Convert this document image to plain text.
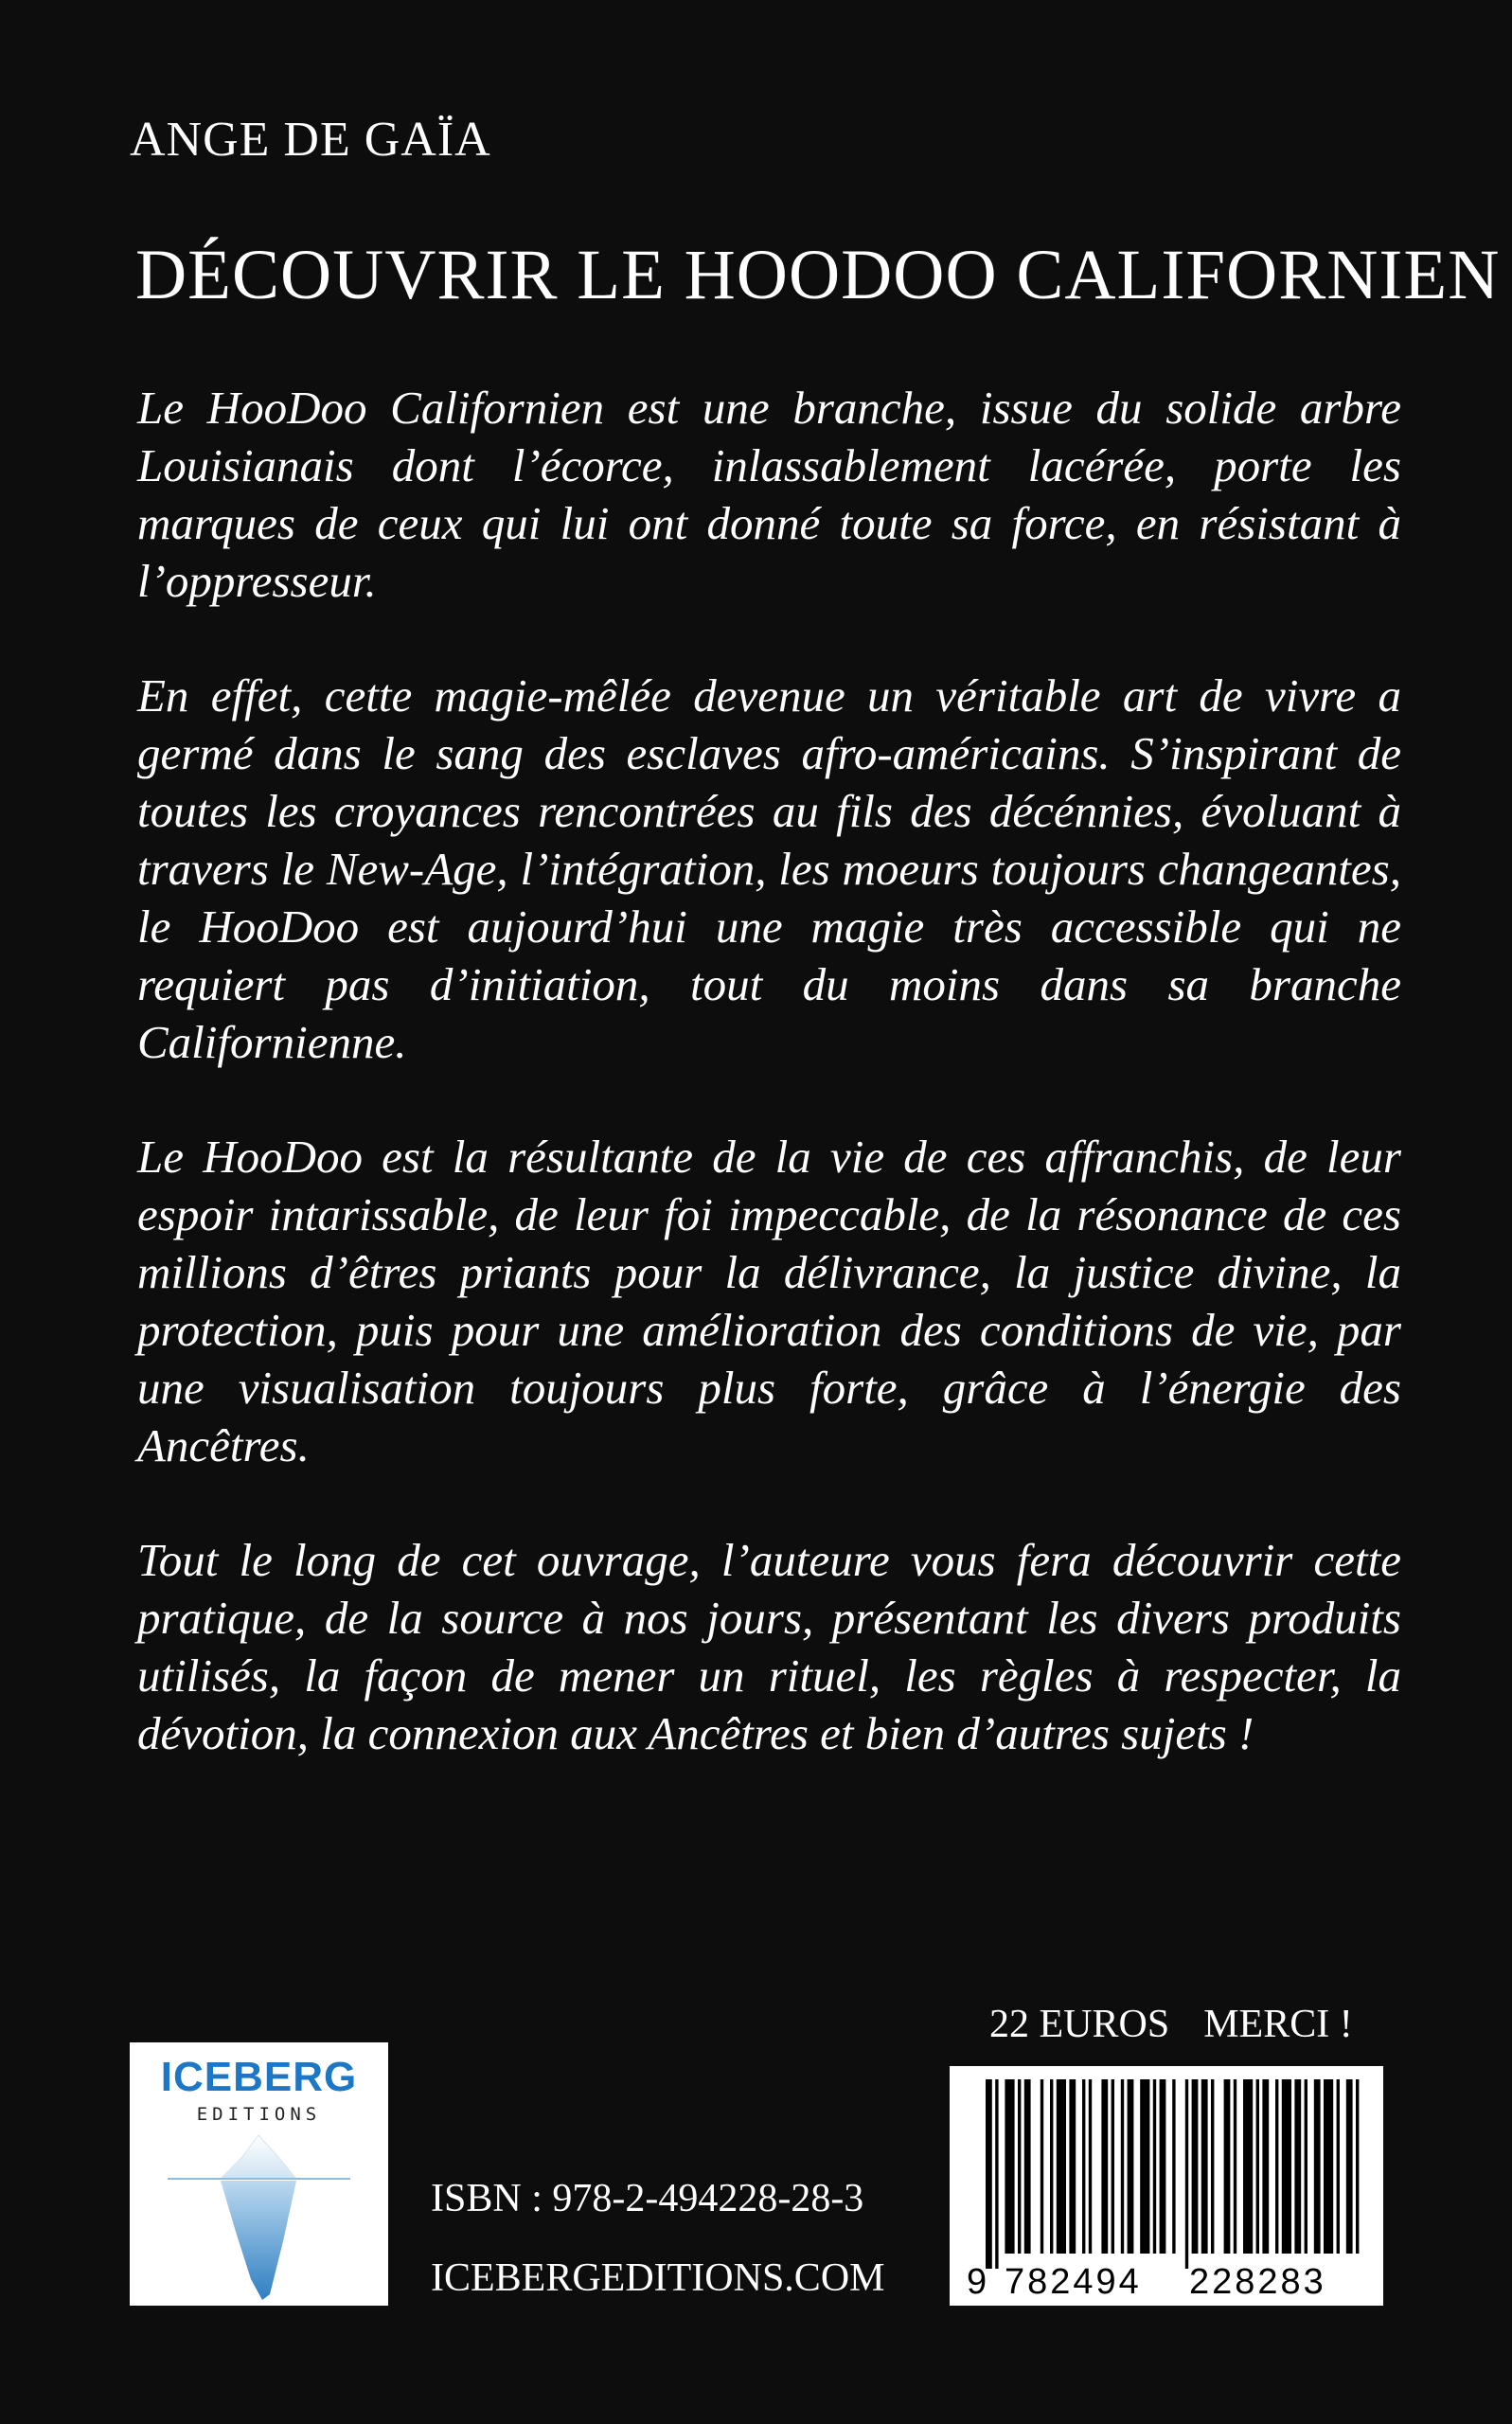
ANGE DE GAÏA
DÉCOUVRIR LE HOODOO CALIFORNIEN

Le HooDoo Californien est une branche, issue du solide arbre Louisianais dont l’écorce, inlassablement lacérée, porte les marques de ceux qui lui ont donné toute sa force, en résistant à l’oppresseur.

En effet, cette magie-mêlée devenue un véritable art de vivre a germé dans le sang des esclaves afro-américains. S’inspirant de toutes les croyances rencontrées au fils des décénnies, évoluant à travers le New-Age, l’intégration, les moeurs toujours changeantes, le HooDoo est aujourd’hui une magie très accessible qui ne requiert pas d’initiation, tout du moins dans sa branche Californienne.

Le HooDoo est la résultante de la vie de ces affranchis, de leur espoir intarissable, de leur foi impeccable, de la résonance de ces millions d’êtres priants pour la délivrance, la justice divine, la protection, puis pour une amélioration des conditions de vie, par une visualisation toujours plus forte, grâce à l’énergie des Ancêtres.

Tout le long de cet ouvrage, l’auteure vous fera découvrir cette pratique, de la source à nos jours, présentant les divers produits utilisés, la façon de mener un rituel, les règles à respecter, la dévotion, la connexion aux Ancêtres et bien d’autres sujets !

22 EUROS MERCI !
ICEBERG
EDITIONS
ISBN : 978-2-494228-28-3
ICEBERGEDITIONS.COM 9 782494 228283
